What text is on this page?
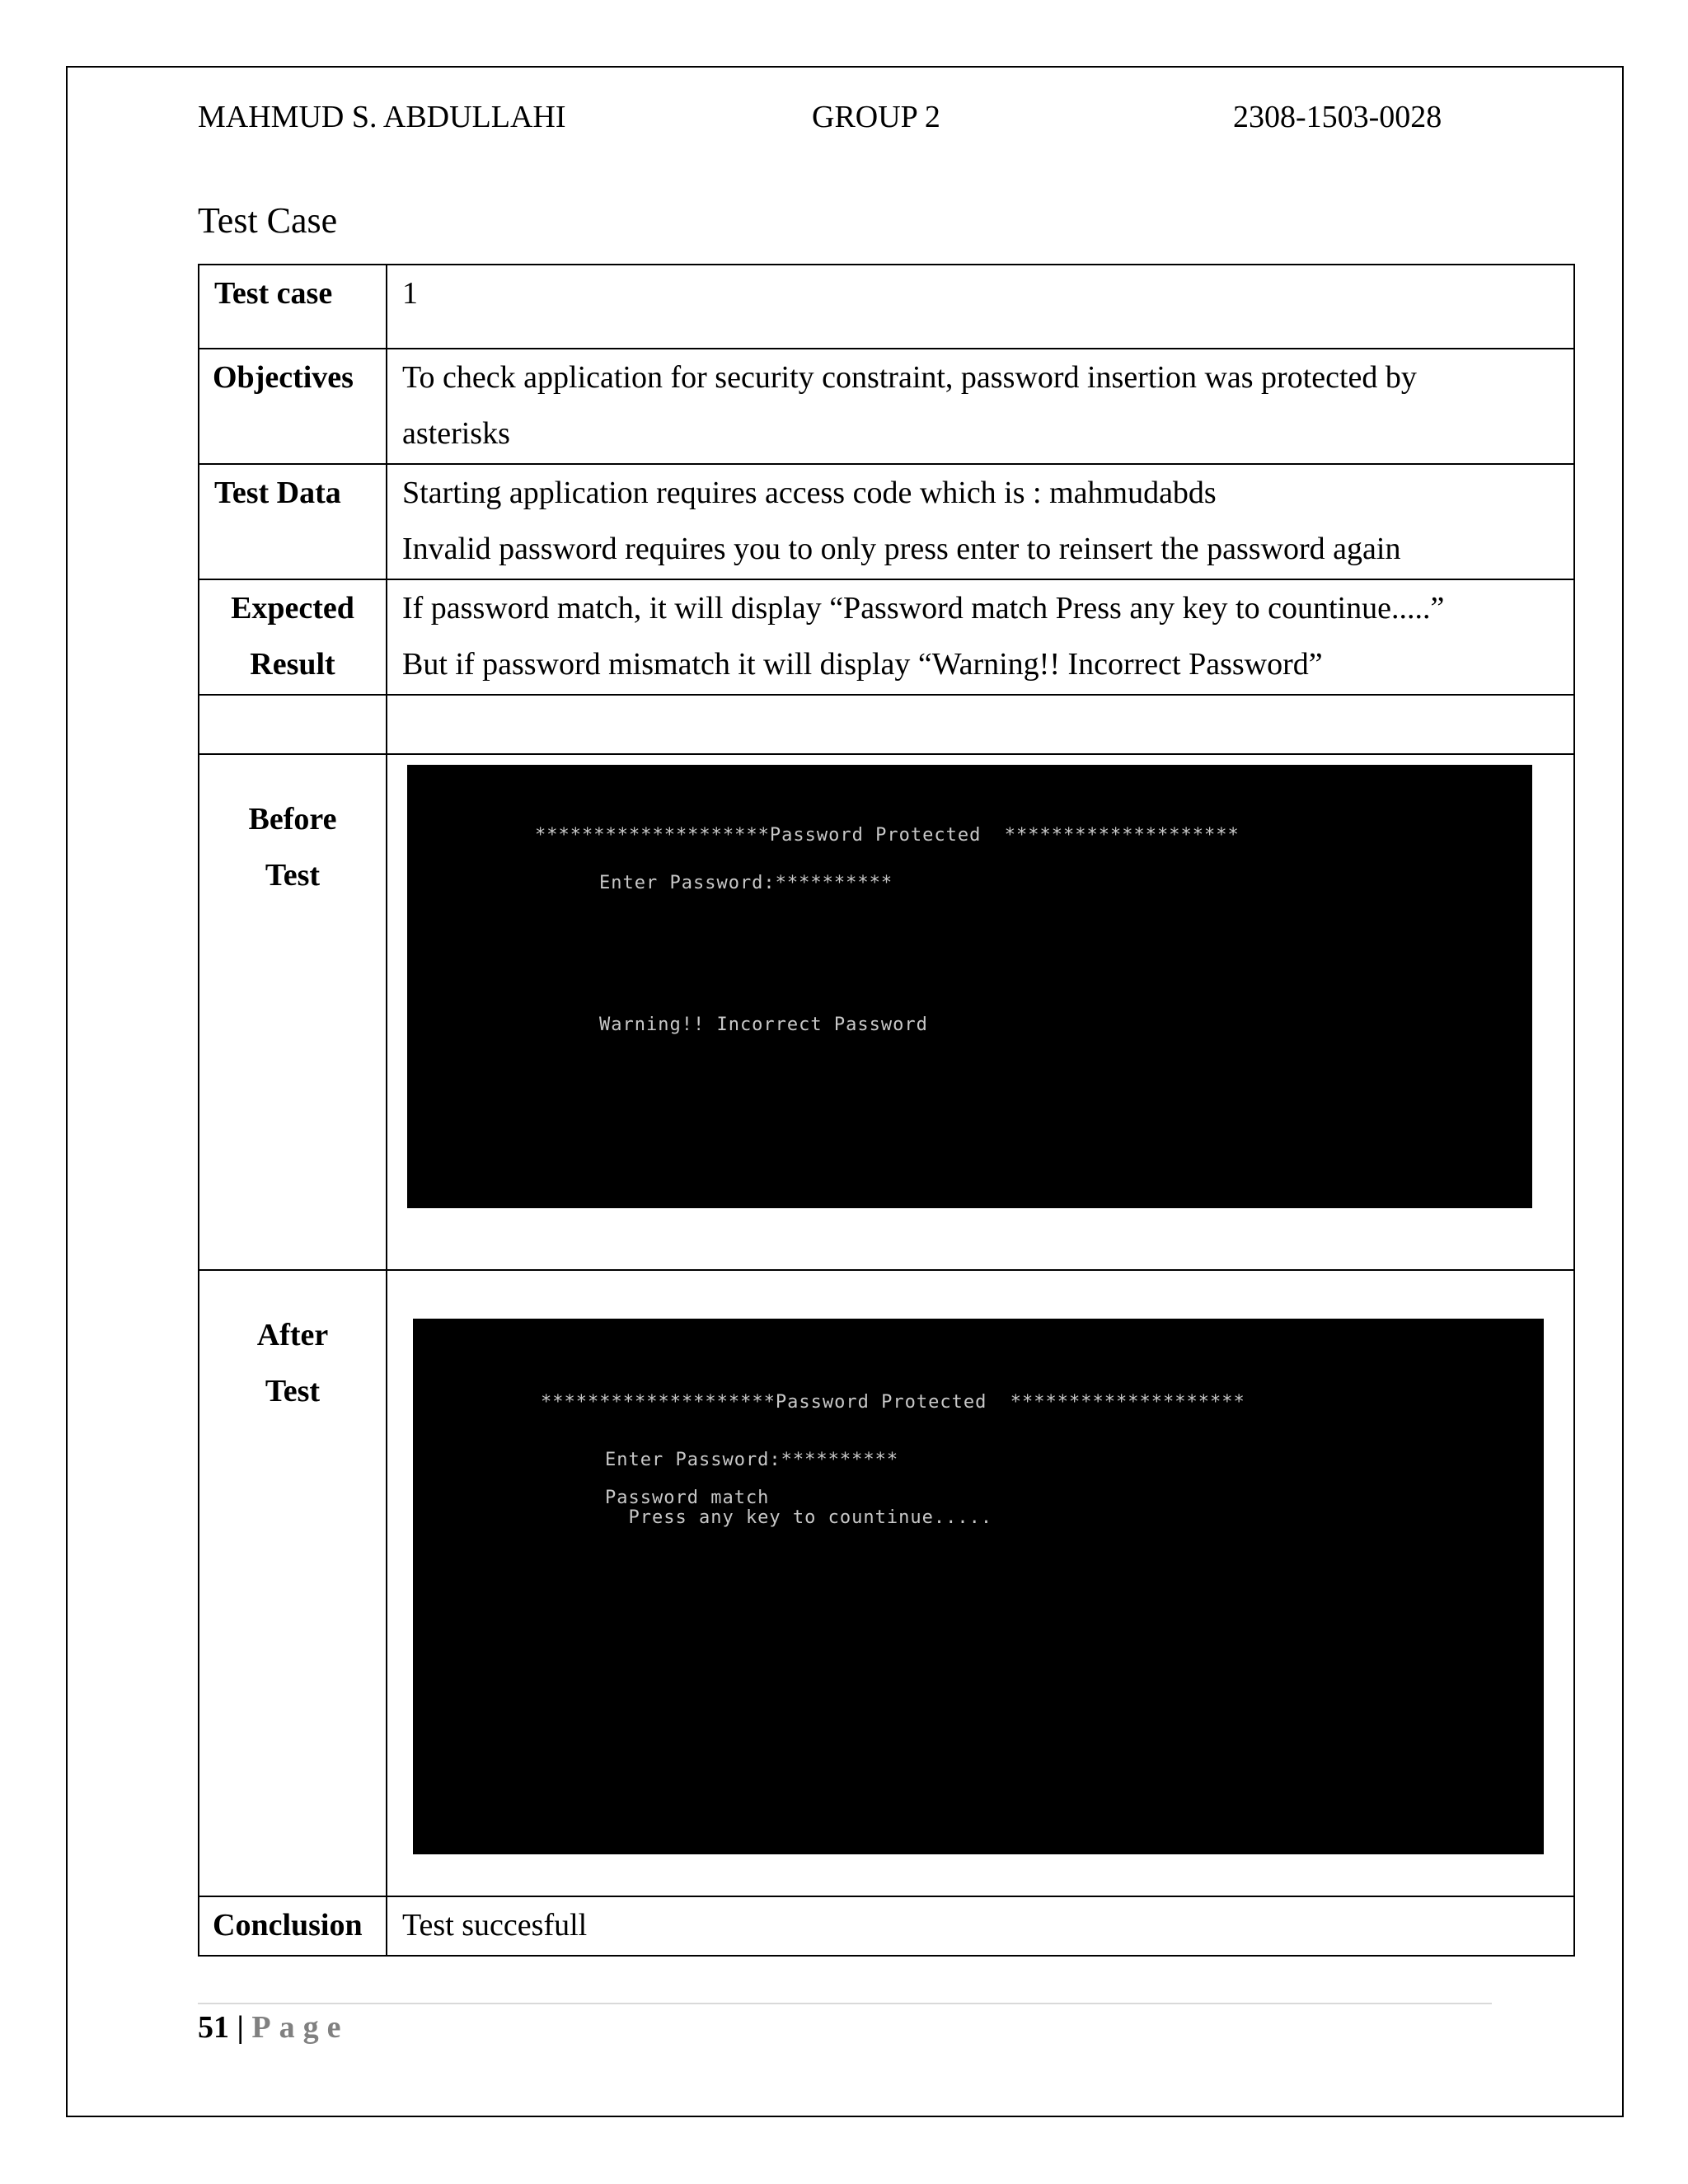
MAHMUD S. ABDULLAHI	GROUP 2	2308-1503-0028
Test Case
Test case	1
Objectives	To check application for security constraint, password insertion was protected by
asterisks

Test Data	Starting application requires access code which is : mahmudabds
Invalid password requires you to only press enter to reinsert the password again

Expected
Result	If password match, it will display “Password match Press any key to countinue.....”
But if password mismatch it will display “Warning!! Incorrect Password”

Before
Test	********************Password Protected  ********************

Enter Password:**********

Warning!! Incorrect Password

After
Test	********************Password Protected  ********************

Enter Password:**********

Password match

Press any key to countinue.....

Conclusion	Test succesfull
51 | Page
